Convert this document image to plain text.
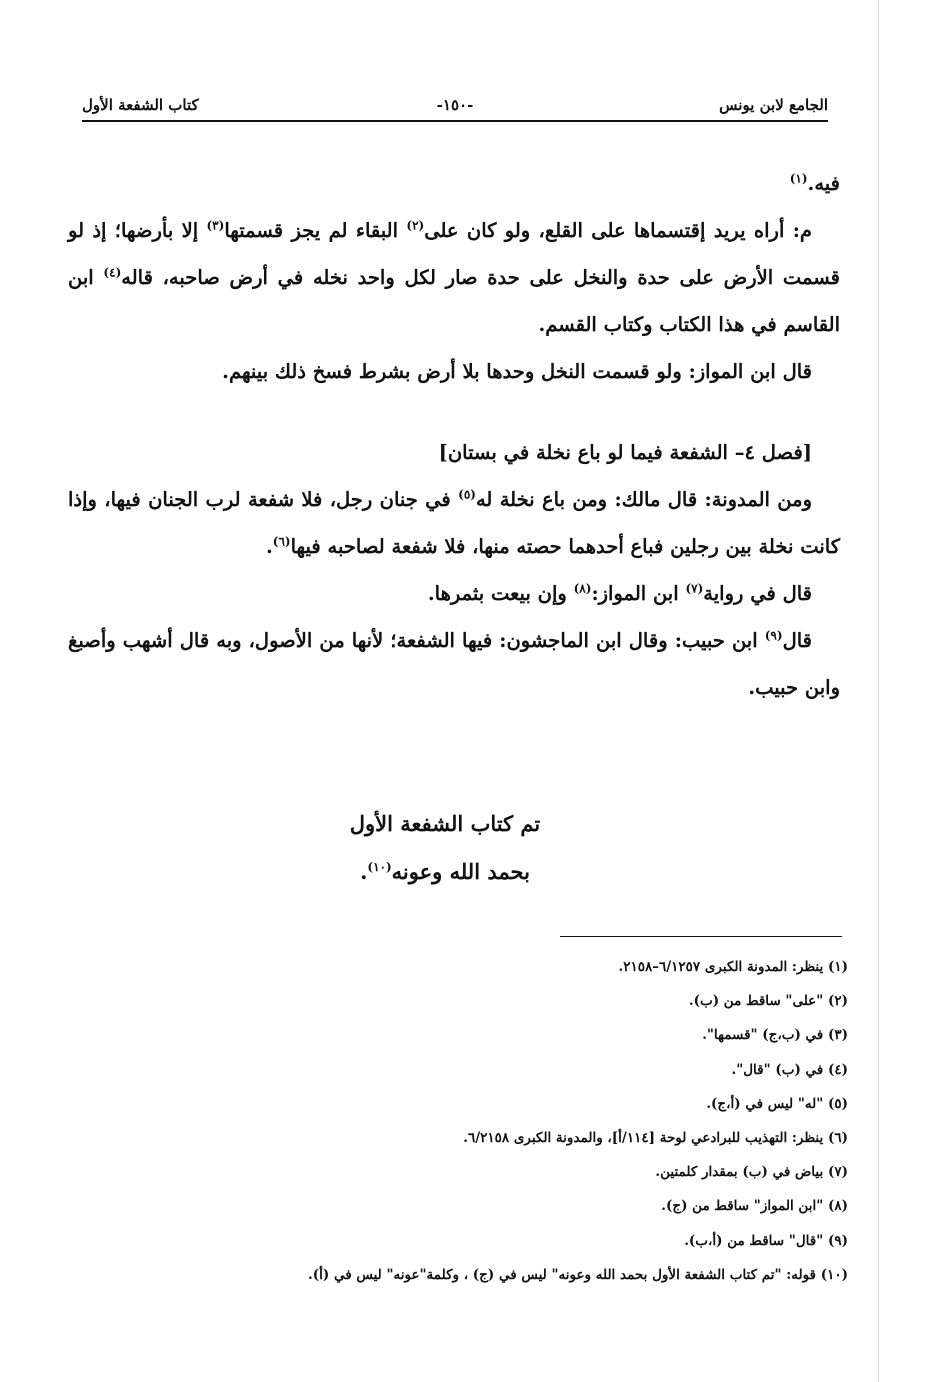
الجامع لابن يونس
-١٥٠-
كتاب الشفعة الأول

فيه.$^{(١)}$

م: أراه يريد إقتسماها على القلع، ولو كان على$^{(٢)}$ البقاء لم يجز قسمتها$^{(٣)}$ إلا بأرضها؛ إذ لو قسمت الأرض على حدة والنخل على حدة صار لكل واحد نخله في أرض صاحبه، قاله$^{(٤)}$ ابن القاسم في هذا الكتاب وكتاب القسم.

قال ابن المواز: ولو قسمت النخل وحدها بلا أرض بشرط فسخ ذلك بينهم.

[فصل ٤– الشفعة فيما لو باع نخلة في بستان]

ومن المدونة: قال مالك: ومن باع نخلة له$^{(٥)}$ في جنان رجل، فلا شفعة لرب الجنان فيها، وإذا كانت نخلة بين رجلين فباع أحدهما حصته منها، فلا شفعة لصاحبه فيها$^{(٦)}$.

قال في رواية$^{(٧)}$ ابن المواز:$^{(٨)}$ وإن بيعت بثمرها.

قال$^{(٩)}$ ابن حبيب: وقال ابن الماجشون: فيها الشفعة؛ لأنها من الأصول، وبه قال أشهب وأصبغ وابن حبيب.

تم كتاب الشفعة الأول
بحمد الله وعونه$^{(١٠)}$.
(١) ينظر: المدونة الكبرى ٦/١٢٥٧–٢١٥٨.
(٢) "على" ساقط من (ب).
(٣) في (ب،ج) "قسمها".
(٤) في (ب) "قال".
(٥) "له" ليس في (أ،ج).
(٦) ينظر: التهذيب للبرادعي لوحة [١١٤/أ]، والمدونة الكبرى ٦/٢١٥٨.
(٧) بياض في (ب) بمقدار كلمتين.
(٨) "ابن المواز" ساقط من (ج).
(٩) "قال" ساقط من (أ،ب).
(١٠) قوله: "تم كتاب الشفعة الأول بحمد الله وعونه" ليس في (ج) ، وكلمة"عونه" ليس في (أ).
